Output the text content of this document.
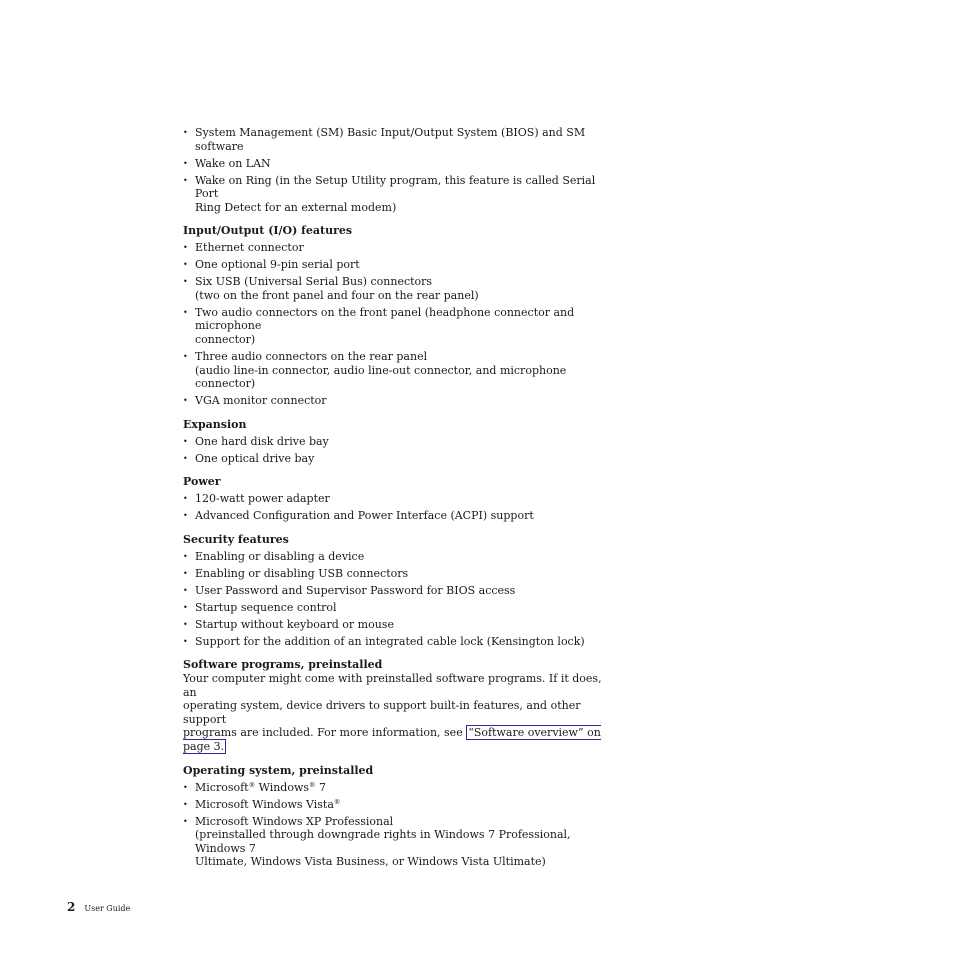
• System Management (SM) Basic Input/Output System (BIOS) and SM software
• Wake on LAN
• Wake on Ring (in the Setup Utility program, this feature is called Serial Port
Ring Detect for an external modem)
Input/Output (I/O) features
• Ethernet connector
• One optional 9-pin serial port
• Six USB (Universal Serial Bus) connectors
(two on the front panel and four on the rear panel)
• Two audio connectors on the front panel (headphone connector and microphone
connector)
• Three audio connectors on the rear panel
(audio line-in connector, audio line-out connector, and microphone connector)
• VGA monitor connector
Expansion
• One hard disk drive bay
• One optical drive bay
Power
• 120-watt power adapter
• Advanced Configuration and Power Interface (ACPI) support
Security features
• Enabling or disabling a device
• Enabling or disabling USB connectors
• User Password and Supervisor Password for BIOS access
• Startup sequence control
• Startup without keyboard or mouse
• Support for the addition of an integrated cable lock (Kensington lock)
Software programs, preinstalled

Your computer might come with preinstalled software programs. If it does, an
operating system, device drivers to support built-in features, and other support
programs are included. For more information, see “Software overview” on page 3.

Operating system, preinstalled
• Microsoft® Windows® 7
• Microsoft Windows Vista®
• Microsoft Windows XP Professional
(preinstalled through downgrade rights in Windows 7 Professional, Windows 7
Ultimate, Windows Vista Business, or Windows Vista Ultimate)
2 User Guide
